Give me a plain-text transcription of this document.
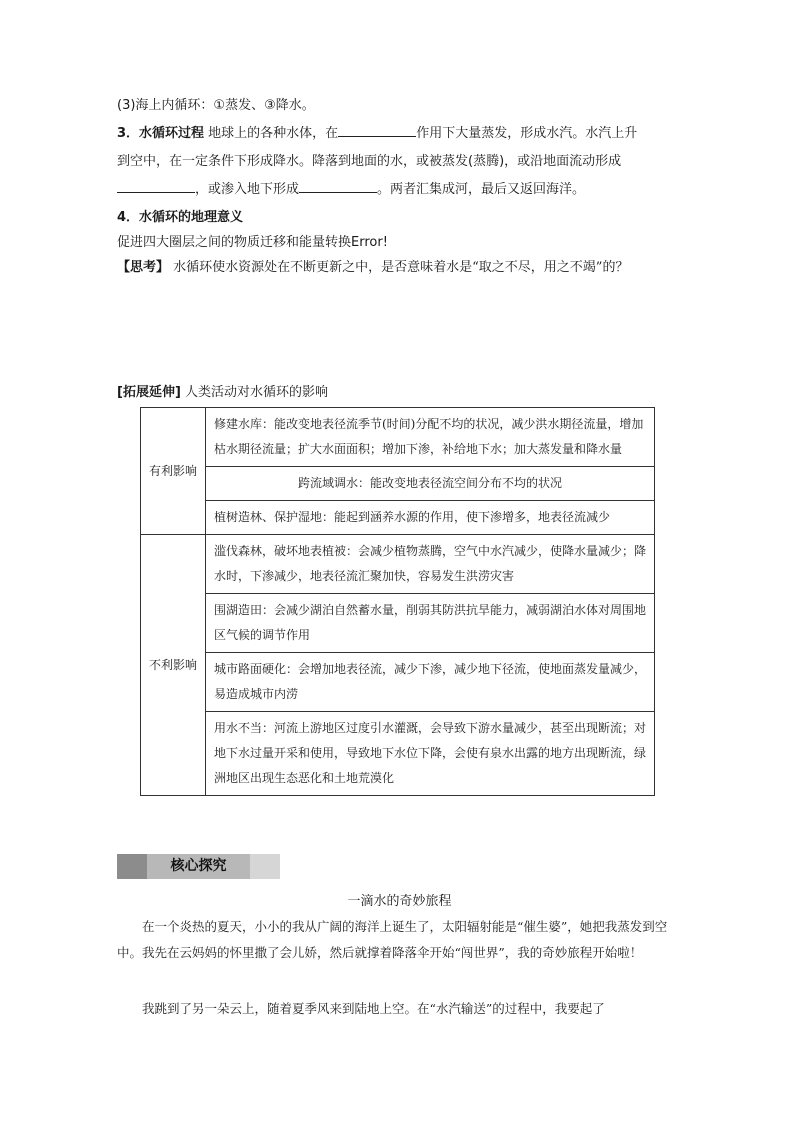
(3)海上内循环：①蒸发、③降水。
3．水循环过程 地球上的各种水体，在	作用下大量蒸发，形成水汽。水汽上升
到空中，在一定条件下形成降水。降落到地面的水，或被蒸发(蒸腾)，或沿地面流动形成
，或渗入地下形成	。两者汇集成河，最后又返回海洋。
4．水循环的地理意义
促进四大圈层之间的物质迁移和能量转换Error!
【思考】 水循环使水资源处在不断更新之中，是否意味着水是“取之不尽，用之不竭”的？
[拓展延伸] 人类活动对水循环的影响
有利影响	修建水库：能改变地表径流季节(时间)分配不均的状况，减少洪水期径流量，增加枯水期径流量；扩大水面面积；增加下渗，补给地下水；加大蒸发量和降水量
	跨流域调水：能改变地表径流空间分布不均的状况
	植树造林、保护湿地：能起到涵养水源的作用，使下渗增多，地表径流减少
不利影响	滥伐森林，破坏地表植被：会减少植物蒸腾，空气中水汽减少，使降水量减少；降水时，下渗减少，地表径流汇聚加快，容易发生洪涝灾害
	围湖造田：会减少湖泊自然蓄水量，削弱其防洪抗旱能力，减弱湖泊水体对周围地区气候的调节作用
	城市路面硬化：会增加地表径流，减少下渗，减少地下径流，使地面蒸发量减少，易造成城市内涝
	用水不当：河流上游地区过度引水灌溉，会导致下游水量减少，甚至出现断流；对地下水过量开采和使用，导致地下水位下降，会使有泉水出露的地方出现断流，绿洲地区出现生态恶化和土地荒漠化
核心探究
一滴水的奇妙旅程
在一个炎热的夏天，小小的我从广阔的海洋上诞生了，太阳辐射能是“催生婆”，她把我蒸发到空中。我先在云妈妈的怀里撒了会儿娇，然后就撑着降落伞开始“闯世界”，我的奇妙旅程开始啦！
我跳到了另一朵云上，随着夏季风来到陆地上空。在“水汽输送”的过程中，我要起了
